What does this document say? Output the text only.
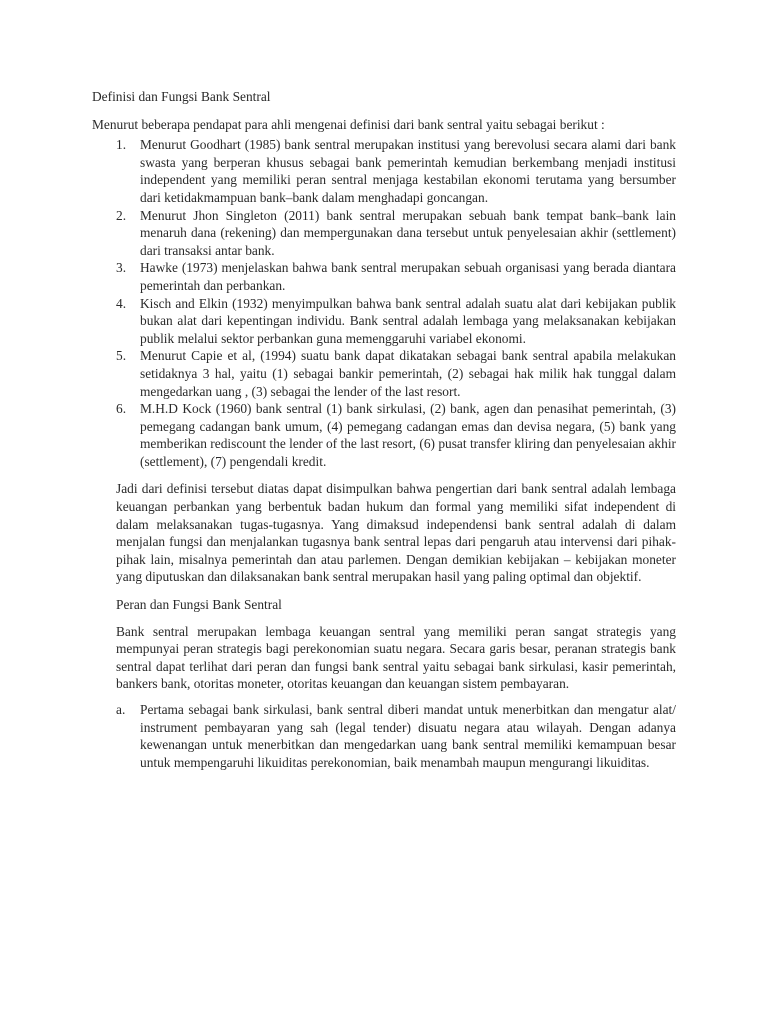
Definisi dan Fungsi Bank Sentral

Menurut beberapa pendapat para ahli mengenai definisi dari bank sentral yaitu sebagai berikut :

1. Menurut Goodhart (1985) bank sentral merupakan institusi yang berevolusi secara alami dari bank swasta yang berperan khusus sebagai bank pemerintah kemudian berkembang menjadi institusi independent yang memiliki peran sentral menjaga kestabilan ekonomi terutama yang bersumber dari ketidakmampuan bank–bank dalam menghadapi goncangan.
2. Menurut Jhon Singleton (2011) bank sentral merupakan sebuah bank tempat bank–bank lain menaruh dana (rekening) dan mempergunakan dana tersebut untuk penyelesaian akhir (settlement) dari transaksi antar bank.
3. Hawke (1973) menjelaskan bahwa bank sentral merupakan sebuah organisasi yang berada diantara pemerintah dan perbankan.
4. Kisch and Elkin (1932) menyimpulkan bahwa bank sentral adalah suatu alat dari kebijakan publik bukan alat dari kepentingan individu. Bank sentral adalah lembaga yang melaksanakan kebijakan publik melalui sektor perbankan guna memenggaruhi variabel ekonomi.
5. Menurut Capie et al, (1994) suatu bank dapat dikatakan sebagai bank sentral apabila melakukan setidaknya 3 hal, yaitu (1) sebagai bankir pemerintah, (2) sebagai hak milik hak tunggal dalam mengedarkan uang , (3) sebagai the lender of the last resort.
6. M.H.D Kock (1960) bank sentral (1) bank sirkulasi, (2) bank, agen dan penasihat pemerintah, (3) pemegang cadangan bank umum, (4) pemegang cadangan emas dan devisa negara, (5) bank yang memberikan rediscount the lender of the last resort, (6) pusat transfer kliring dan penyelesaian akhir (settlement), (7) pengendali kredit.

Jadi dari definisi tersebut diatas dapat disimpulkan bahwa pengertian dari bank sentral adalah lembaga keuangan perbankan yang berbentuk badan hukum dan formal yang memiliki sifat independent di dalam melaksanakan tugas-tugasnya. Yang dimaksud independensi bank sentral adalah di dalam menjalan fungsi dan menjalankan tugasnya bank sentral lepas dari pengaruh atau intervensi dari pihak-pihak lain, misalnya pemerintah dan atau parlemen. Dengan demikian kebijakan – kebijakan moneter yang diputuskan dan dilaksanakan bank sentral merupakan hasil yang paling optimal dan objektif.

Peran dan Fungsi Bank Sentral

Bank sentral merupakan lembaga keuangan sentral yang memiliki peran sangat strategis yang mempunyai peran strategis bagi perekonomian suatu negara. Secara garis besar, peranan strategis bank sentral dapat terlihat dari peran dan fungsi bank sentral yaitu sebagai bank sirkulasi, kasir pemerintah, bankers bank, otoritas moneter, otoritas keuangan dan keuangan sistem pembayaran.

a. Pertama sebagai bank sirkulasi, bank sentral diberi mandat untuk menerbitkan dan mengatur alat/ instrument pembayaran yang sah (legal tender) disuatu negara atau wilayah. Dengan adanya kewenangan untuk menerbitkan dan mengedarkan uang bank sentral memiliki kemampuan besar untuk mempengaruhi likuiditas perekonomian, baik menambah maupun mengurangi likuiditas.
